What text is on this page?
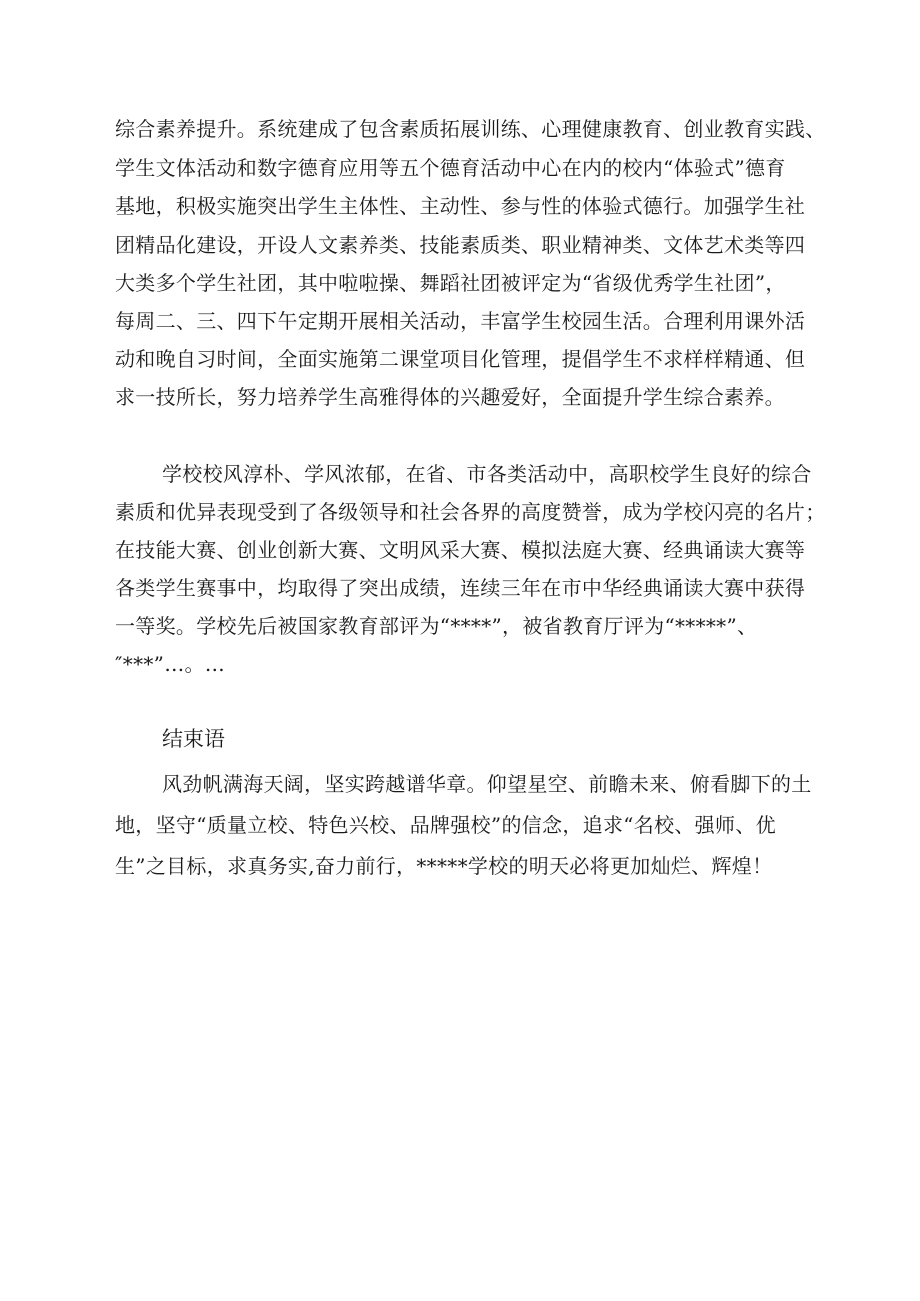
综合素养提升。系统建成了包含素质拓展训练、心理健康教育、创业教育实践、
学生文体活动和数字德育应用等五个德育活动中心在内的校内“体验式”德育
基地，积极实施突出学生主体性、主动性、参与性的体验式德行。加强学生社
团精品化建设，开设人文素养类、技能素质类、职业精神类、文体艺术类等四
大类多个学生社团，其中啦啦操、舞蹈社团被评定为“省级优秀学生社团”，
每周二、三、四下午定期开展相关活动，丰富学生校园生活。合理利用课外活
动和晚自习时间，全面实施第二课堂项目化管理，提倡学生不求样样精通、但
求一技所长，努力培养学生高雅得体的兴趣爱好，全面提升学生综合素养。
学校校风淳朴、学风浓郁，在省、市各类活动中，高职校学生良好的综合
素质和优异表现受到了各级领导和社会各界的高度赞誉，成为学校闪亮的名片；
在技能大赛、创业创新大赛、文明风采大赛、模拟法庭大赛、经典诵读大赛等
各类学生赛事中，均取得了突出成绩，连续三年在市中华经典诵读大赛中获得
一等奖。学校先后被国家教育部评为“****”，被省教育厅评为“*****”、
″***”…。…
结束语
风劲帆满海天阔，坚实跨越谱华章。仰望星空、前瞻未来、俯看脚下的土
地，坚守“质量立校、特色兴校、品牌强校”的信念，追求“名校、强师、优
生”之目标，求真务实,奋力前行，*****学校的明天必将更加灿烂、辉煌！
